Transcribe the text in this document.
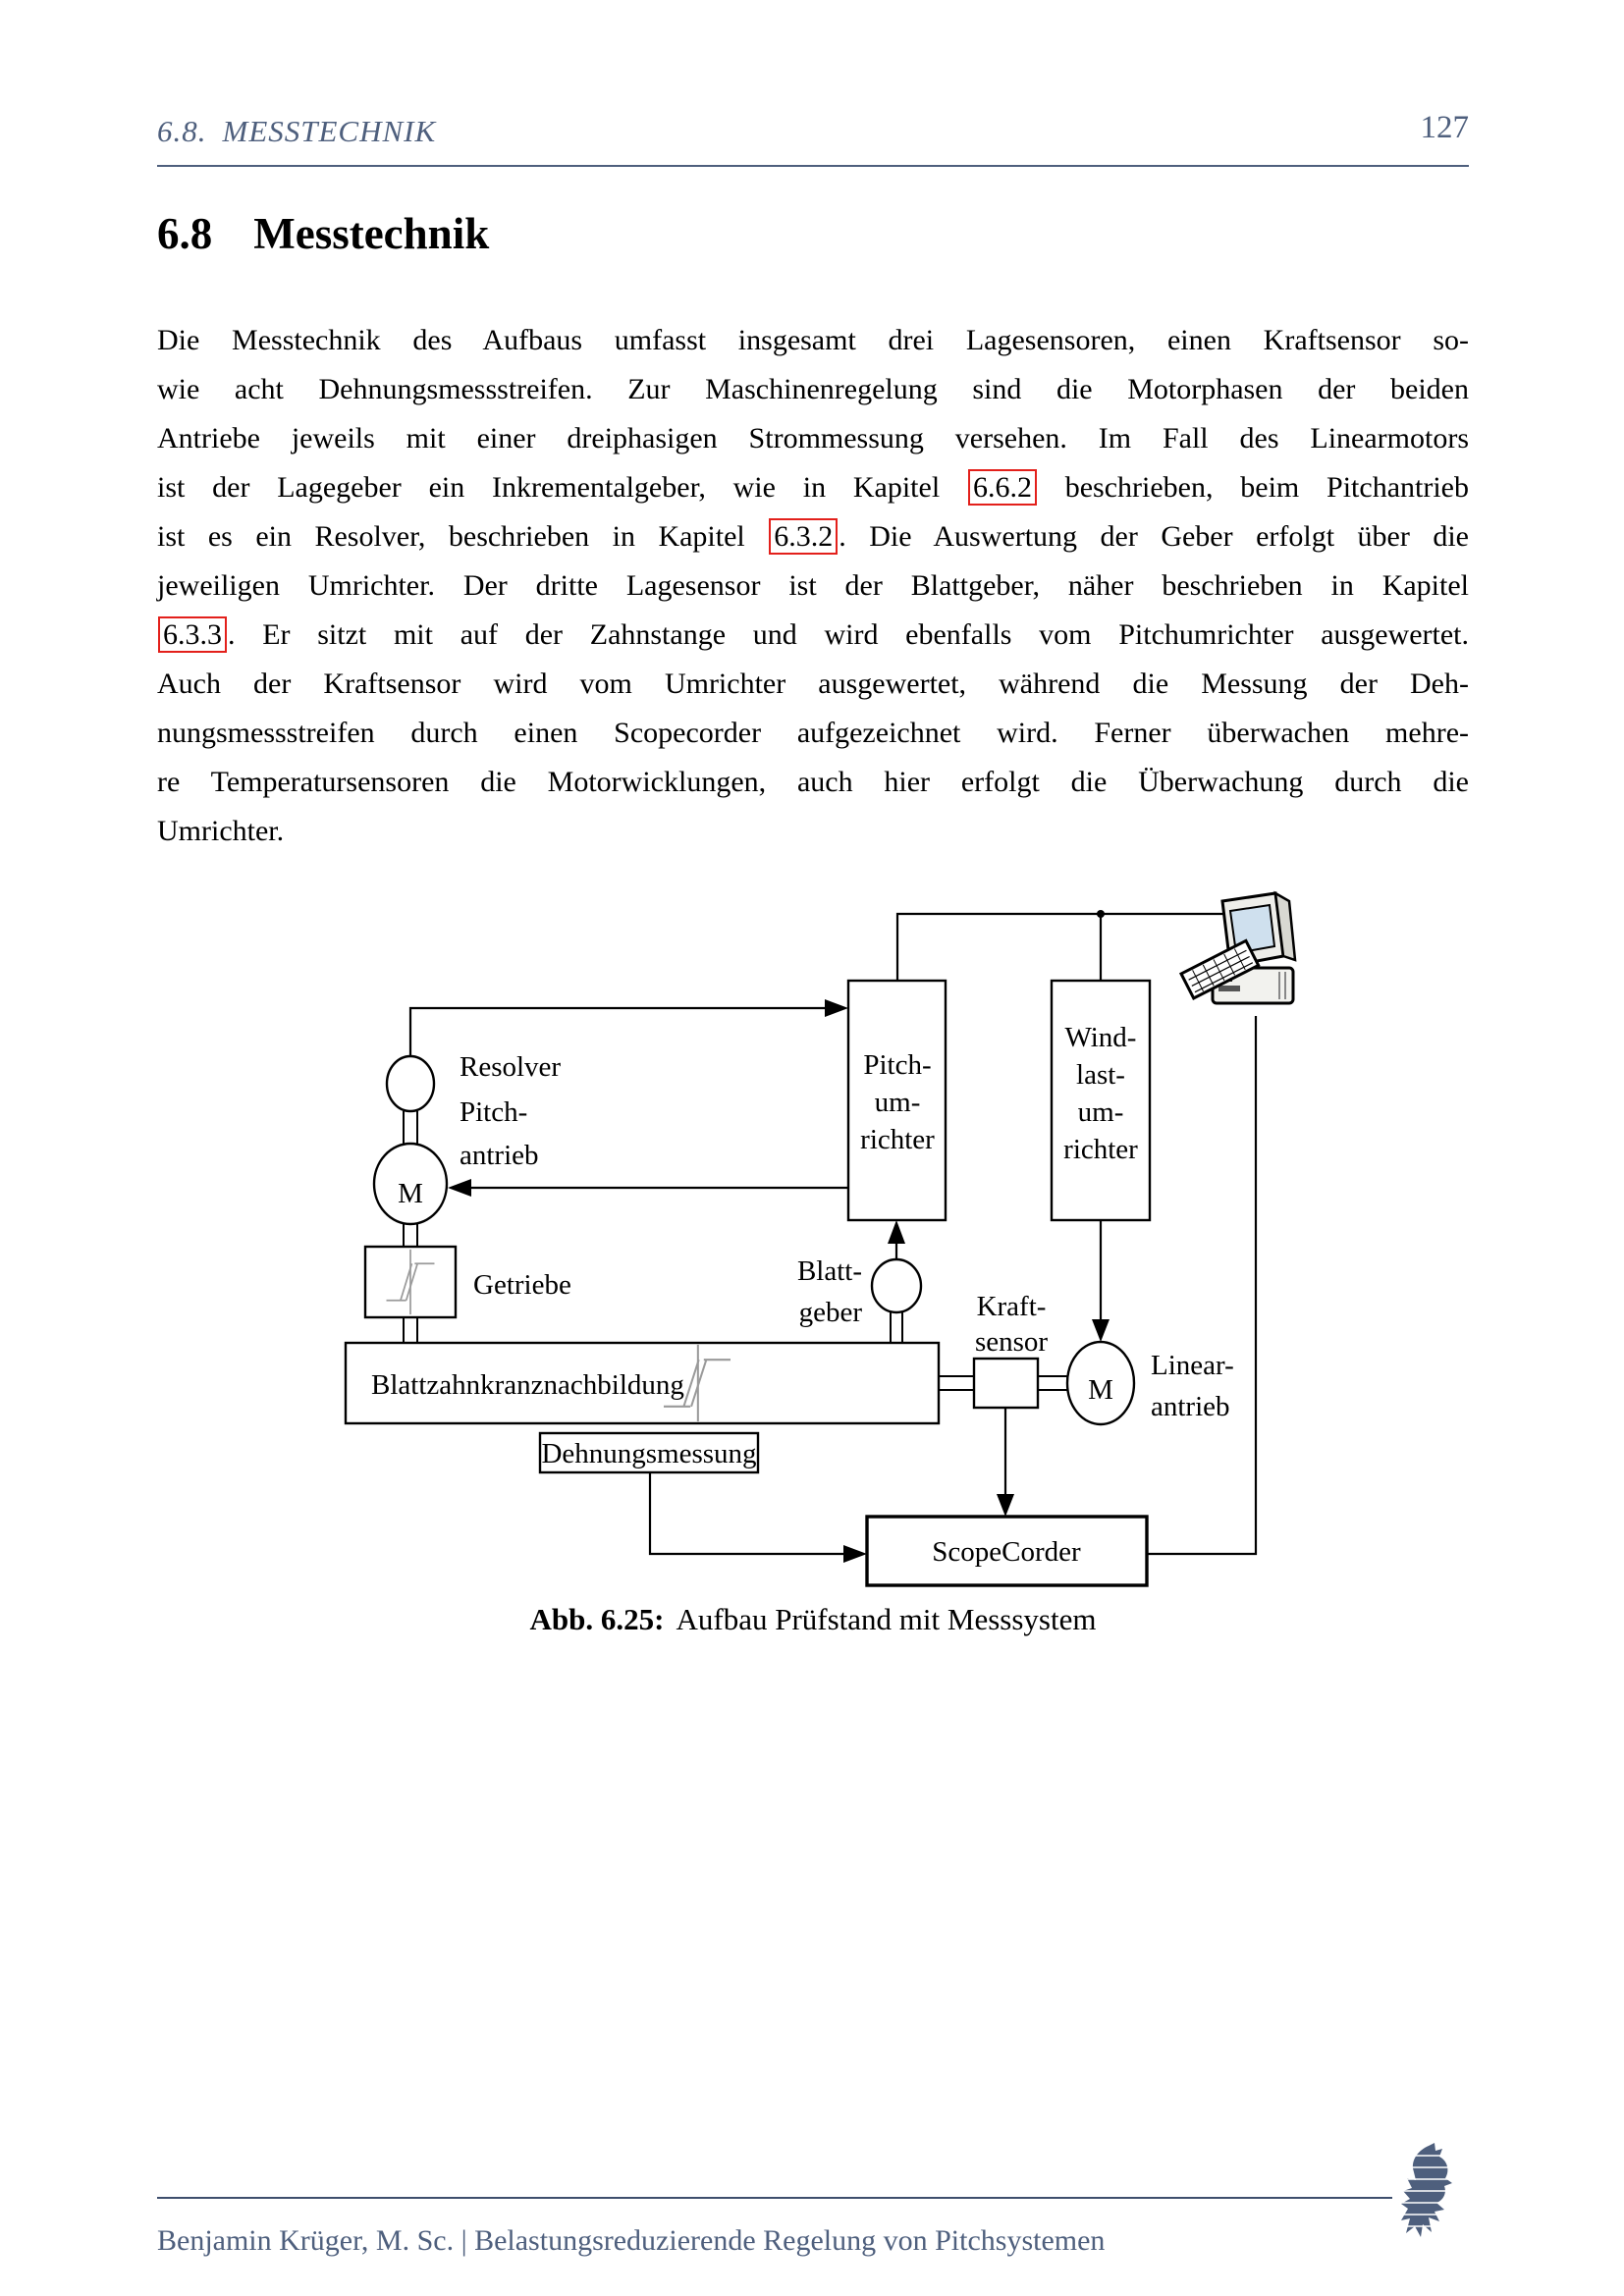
6.8. MESSTECHNIK	127
6.8 Messtechnik
Die Messtechnik des Aufbaus umfasst insgesamt drei Lagesensoren, einen Kraftsensor so-
wie acht Dehnungsmessstreifen. Zur Maschinenregelung sind die Motorphasen der beiden
Antriebe jeweils mit einer dreiphasigen Strommessung versehen. Im Fall des Linearmotors
ist der Lagegeber ein Inkrementalgeber, wie in Kapitel 6.6.2 beschrieben, beim Pitchantrieb
ist es ein Resolver, beschrieben in Kapitel 6.3.2 . Die Auswertung der Geber erfolgt über die
jeweiligen Umrichter. Der dritte Lagesensor ist der Blattgeber, näher beschrieben in Kapitel
6.3.3 . Er sitzt mit auf der Zahnstange und wird ebenfalls vom Pitchumrichter ausgewertet.
Auch der Kraftsensor wird vom Umrichter ausgewertet, während die Messung der Deh-
nungsmessstreifen durch einen Scopecorder aufgezeichnet wird. Ferner überwachen mehre-
re Temperatursensoren die Motorwicklungen, auch hier erfolgt die Überwachung durch die
Umrichter.
M
Blattzahnkranznachbildung
Resolver
Pitch-
antrieb
Getriebe
Pitch-
um-
richter
Wind-
last-
um-
richter
Blatt-
geber	Kraft-
sensor
M
Linear-
antrieb
Dehnungsmessung
ScopeCorder
Abb. 6.25: Aufbau Prüfstand mit Messsystem
Benjamin Krüger, M. Sc. | Belastungsreduzierende Regelung von Pitchsystemen
